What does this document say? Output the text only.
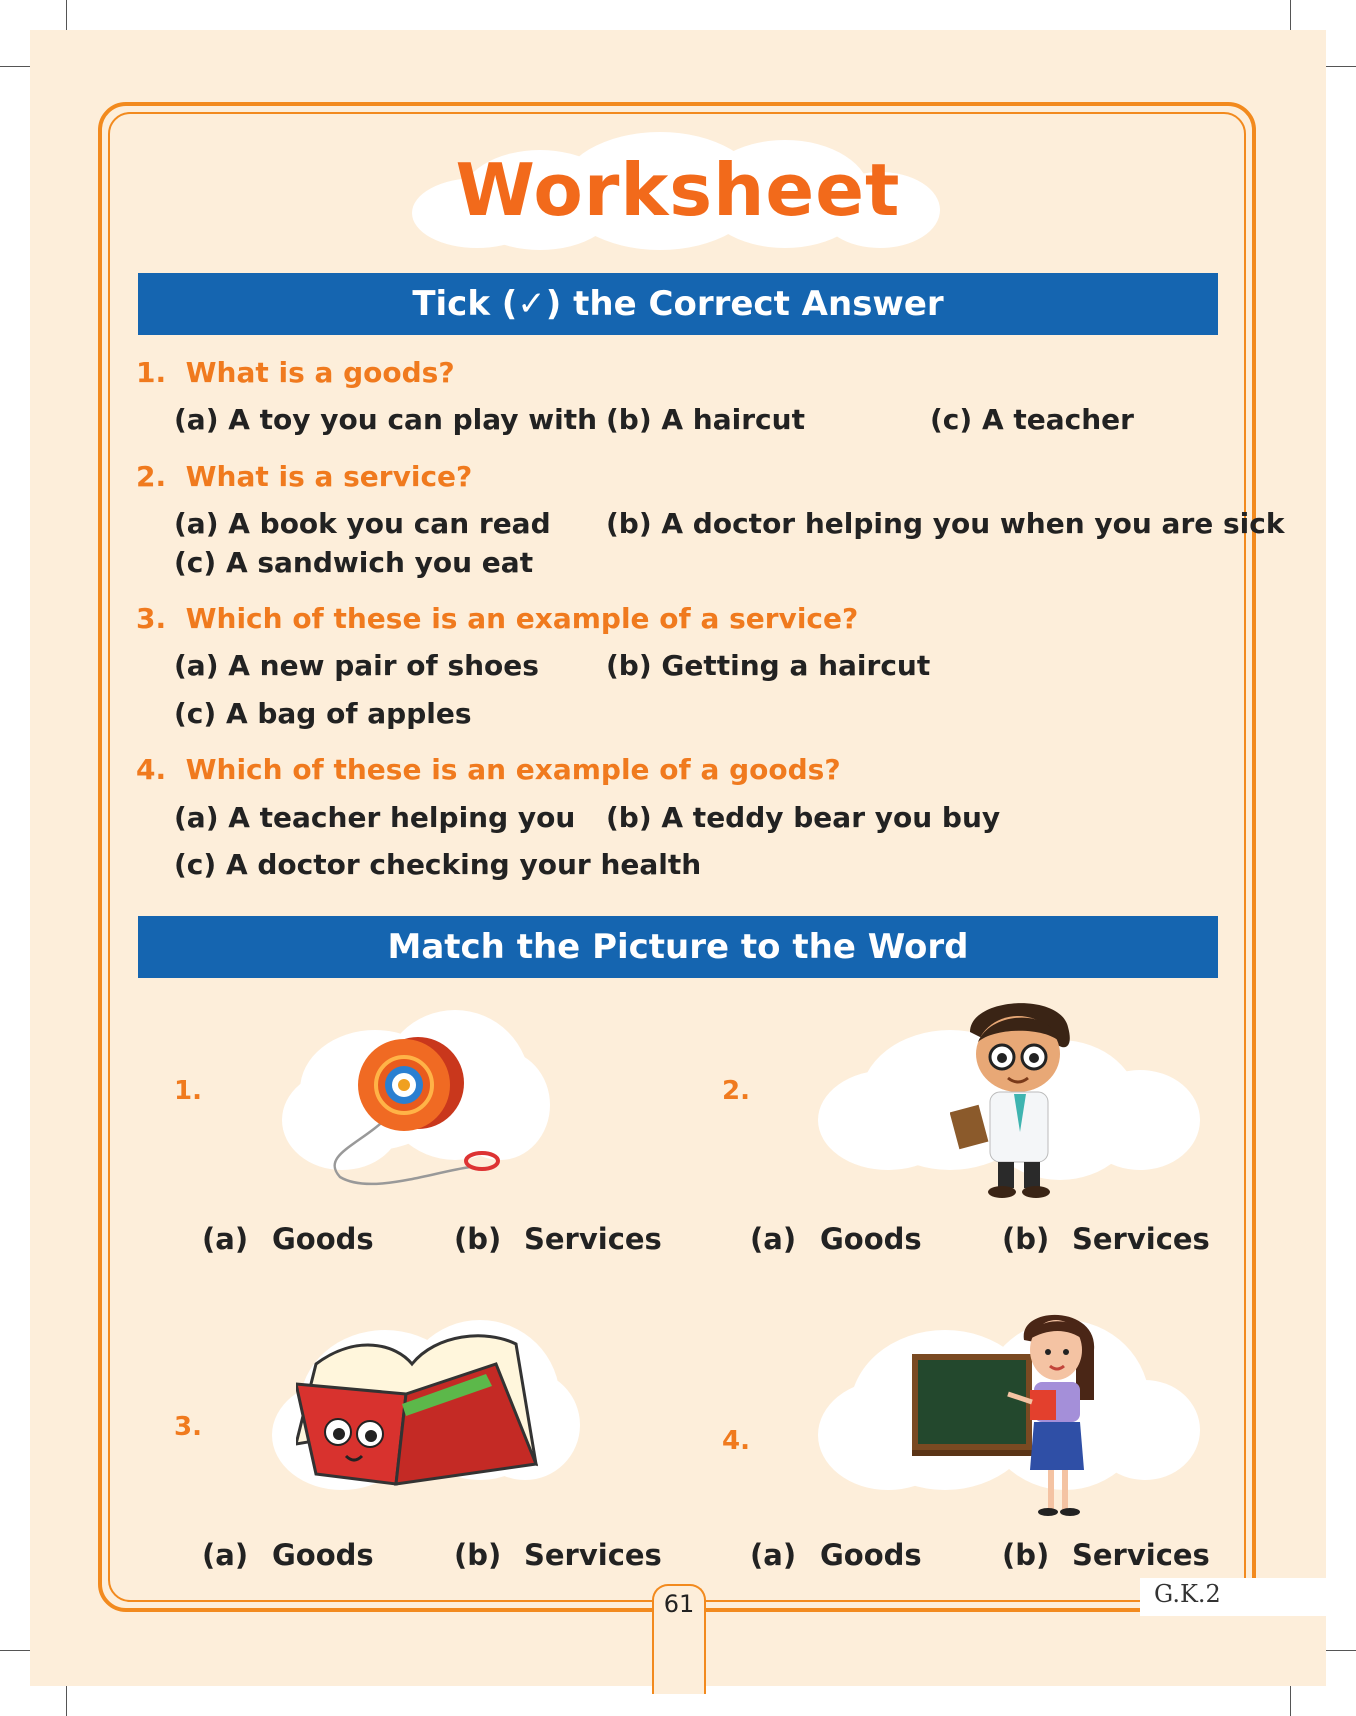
Worksheet
Tick (✓) the Correct Answer
1. What is a goods?
(a) A toy you can play with (b) A haircut	(c) A teacher
2. What is a service?
(a) A book you can read (b) A doctor helping you when you are sick
(c) A sandwich you eat
3. Which of these is an example of a service?
(a) A new pair of shoes (b) Getting a haircut
(c) A bag of apples
4. Which of these is an example of a goods?
(a) A teacher helping you (b) A teddy bear you buy
(c) A doctor checking your health
Match the Picture to the Word
1.
(a) Goods	(b) Services
2.
(a) Goods	(b) Services
3.
(a) Goods	(b) Services
4.
(a) Goods	(b) Services
61	G.K.2
